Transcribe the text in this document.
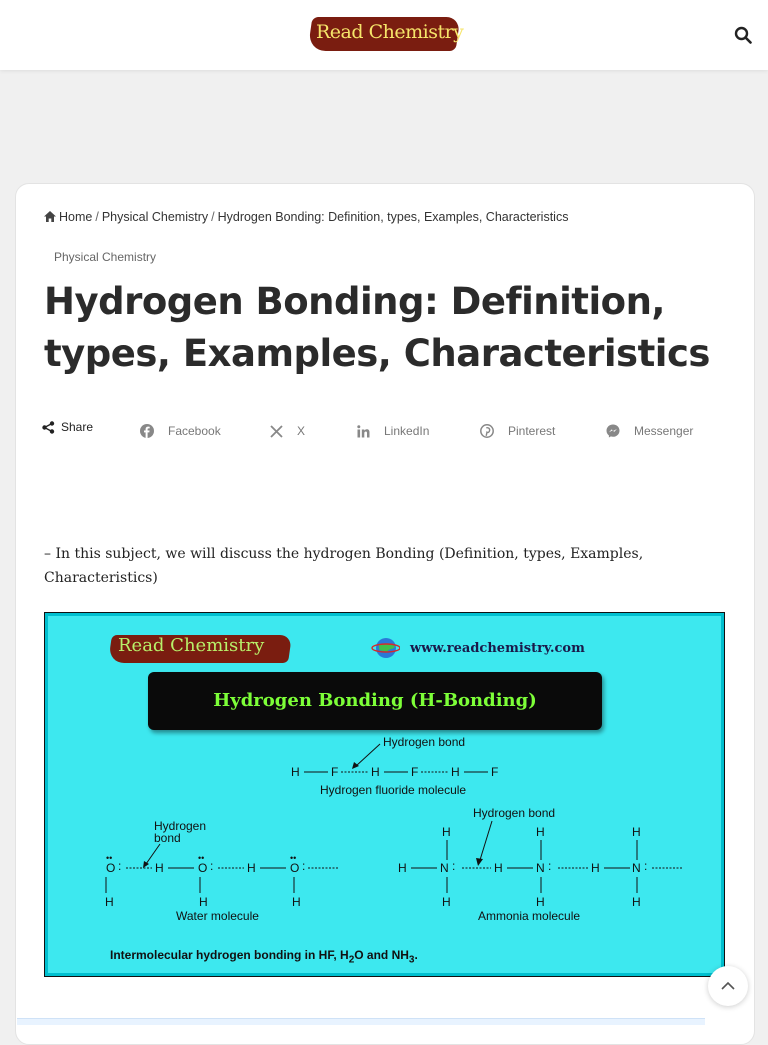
Read Chemistry
Home / Physical Chemistry / Hydrogen Bonding: Definition, types, Examples, Characteristics
Physical Chemistry
Hydrogen Bonding: Definition, types, Examples, Characteristics
Share	Facebook	X	LinkedIn	Pinterest	Messenger

– In this subject, we will discuss the hydrogen Bonding (Definition, types, Examples, Characteristics)

Read Chemistry	www.readchemistry.com
Hydrogen Bonding (H-Bonding)
Hydrogen bond
H	F	H	F	H	F
Hydrogen fluoride molecule
Hydrogen
bond
O
••
:
H
H	O
••
:
H
H	O
••
:
H
Water molecule
Hydrogen bond
H
H	N :
H
H
H
N :
H
H
H
N :
H
Ammonia molecule
Intermolecular hydrogen bonding in HF, $H_2O$ and $NH_3$.
